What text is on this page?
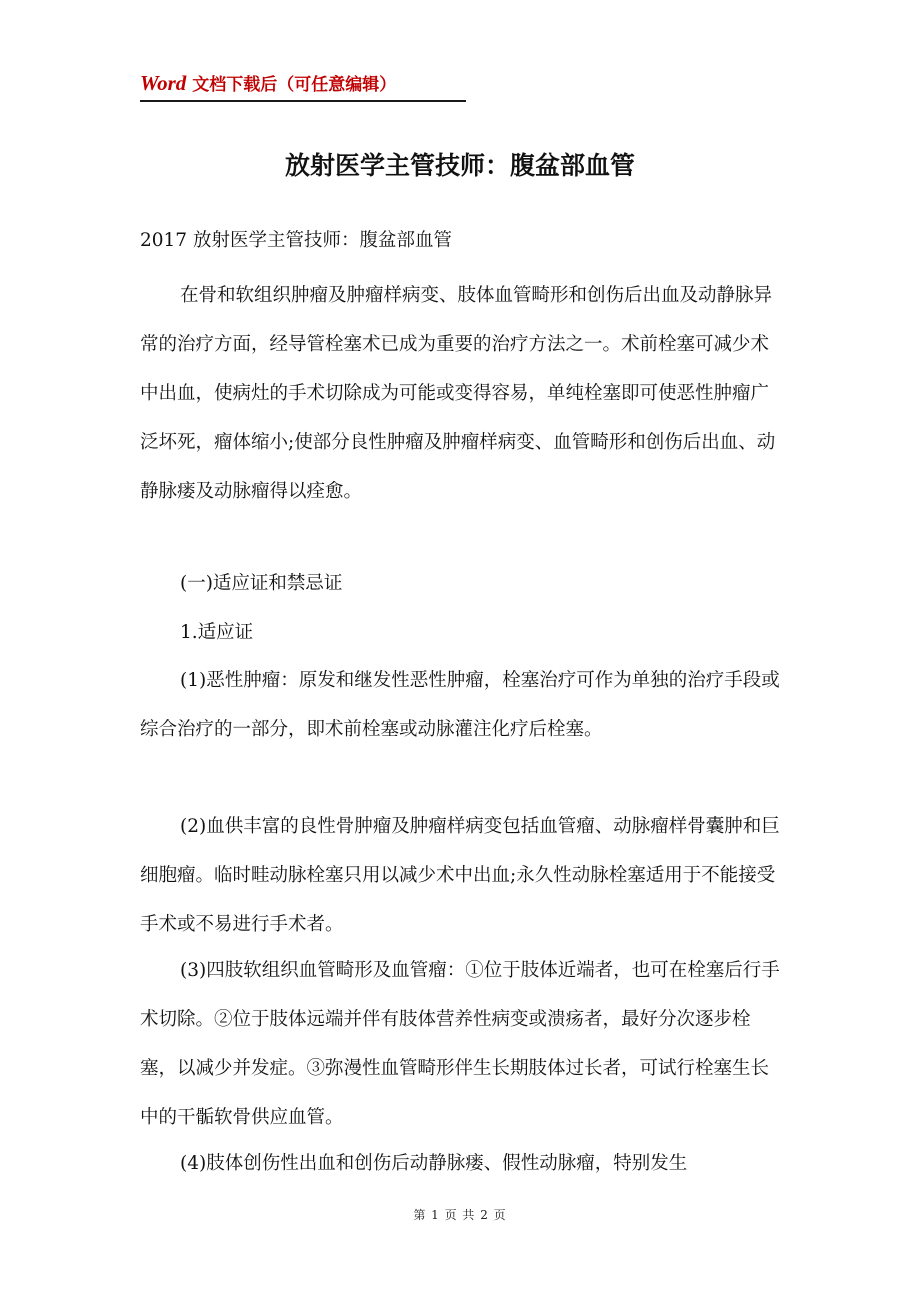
Word 文档下载后（可任意编辑）
放射医学主管技师：腹盆部血管

2017 放射医学主管技师：腹盆部血管

在骨和软组织肿瘤及肿瘤样病变、肢体血管畸形和创伤后出血及动静脉异常的治疗方面，经导管栓塞术已成为重要的治疗方法之一。术前栓塞可减少术中出血，使病灶的手术切除成为可能或变得容易，单纯栓塞即可使恶性肿瘤广泛坏死，瘤体缩小;使部分良性肿瘤及肿瘤样病变、血管畸形和创伤后出血、动静脉瘘及动脉瘤得以痊愈。

(一)适应证和禁忌证

1.适应证

(1)恶性肿瘤：原发和继发性恶性肿瘤，栓塞治疗可作为单独的治疗手段或综合治疗的一部分，即术前栓塞或动脉灌注化疗后栓塞。

(2)血供丰富的良性骨肿瘤及肿瘤样病变包括血管瘤、动脉瘤样骨囊肿和巨细胞瘤。临时畦动脉栓塞只用以减少术中出血;永久性动脉栓塞适用于不能接受手术或不易进行手术者。

(3)四肢软组织血管畸形及血管瘤：①位于肢体近端者，也可在栓塞后行手术切除。②位于肢体远端并伴有肢体营养性病变或溃疡者，最好分次逐步栓塞，以减少并发症。③弥漫性血管畸形伴生长期肢体过长者，可试行栓塞生长中的干骺软骨供应血管。

(4)肢体创伤性出血和创伤后动静脉瘘、假性动脉瘤，特别发生

第 1 页 共 2 页
